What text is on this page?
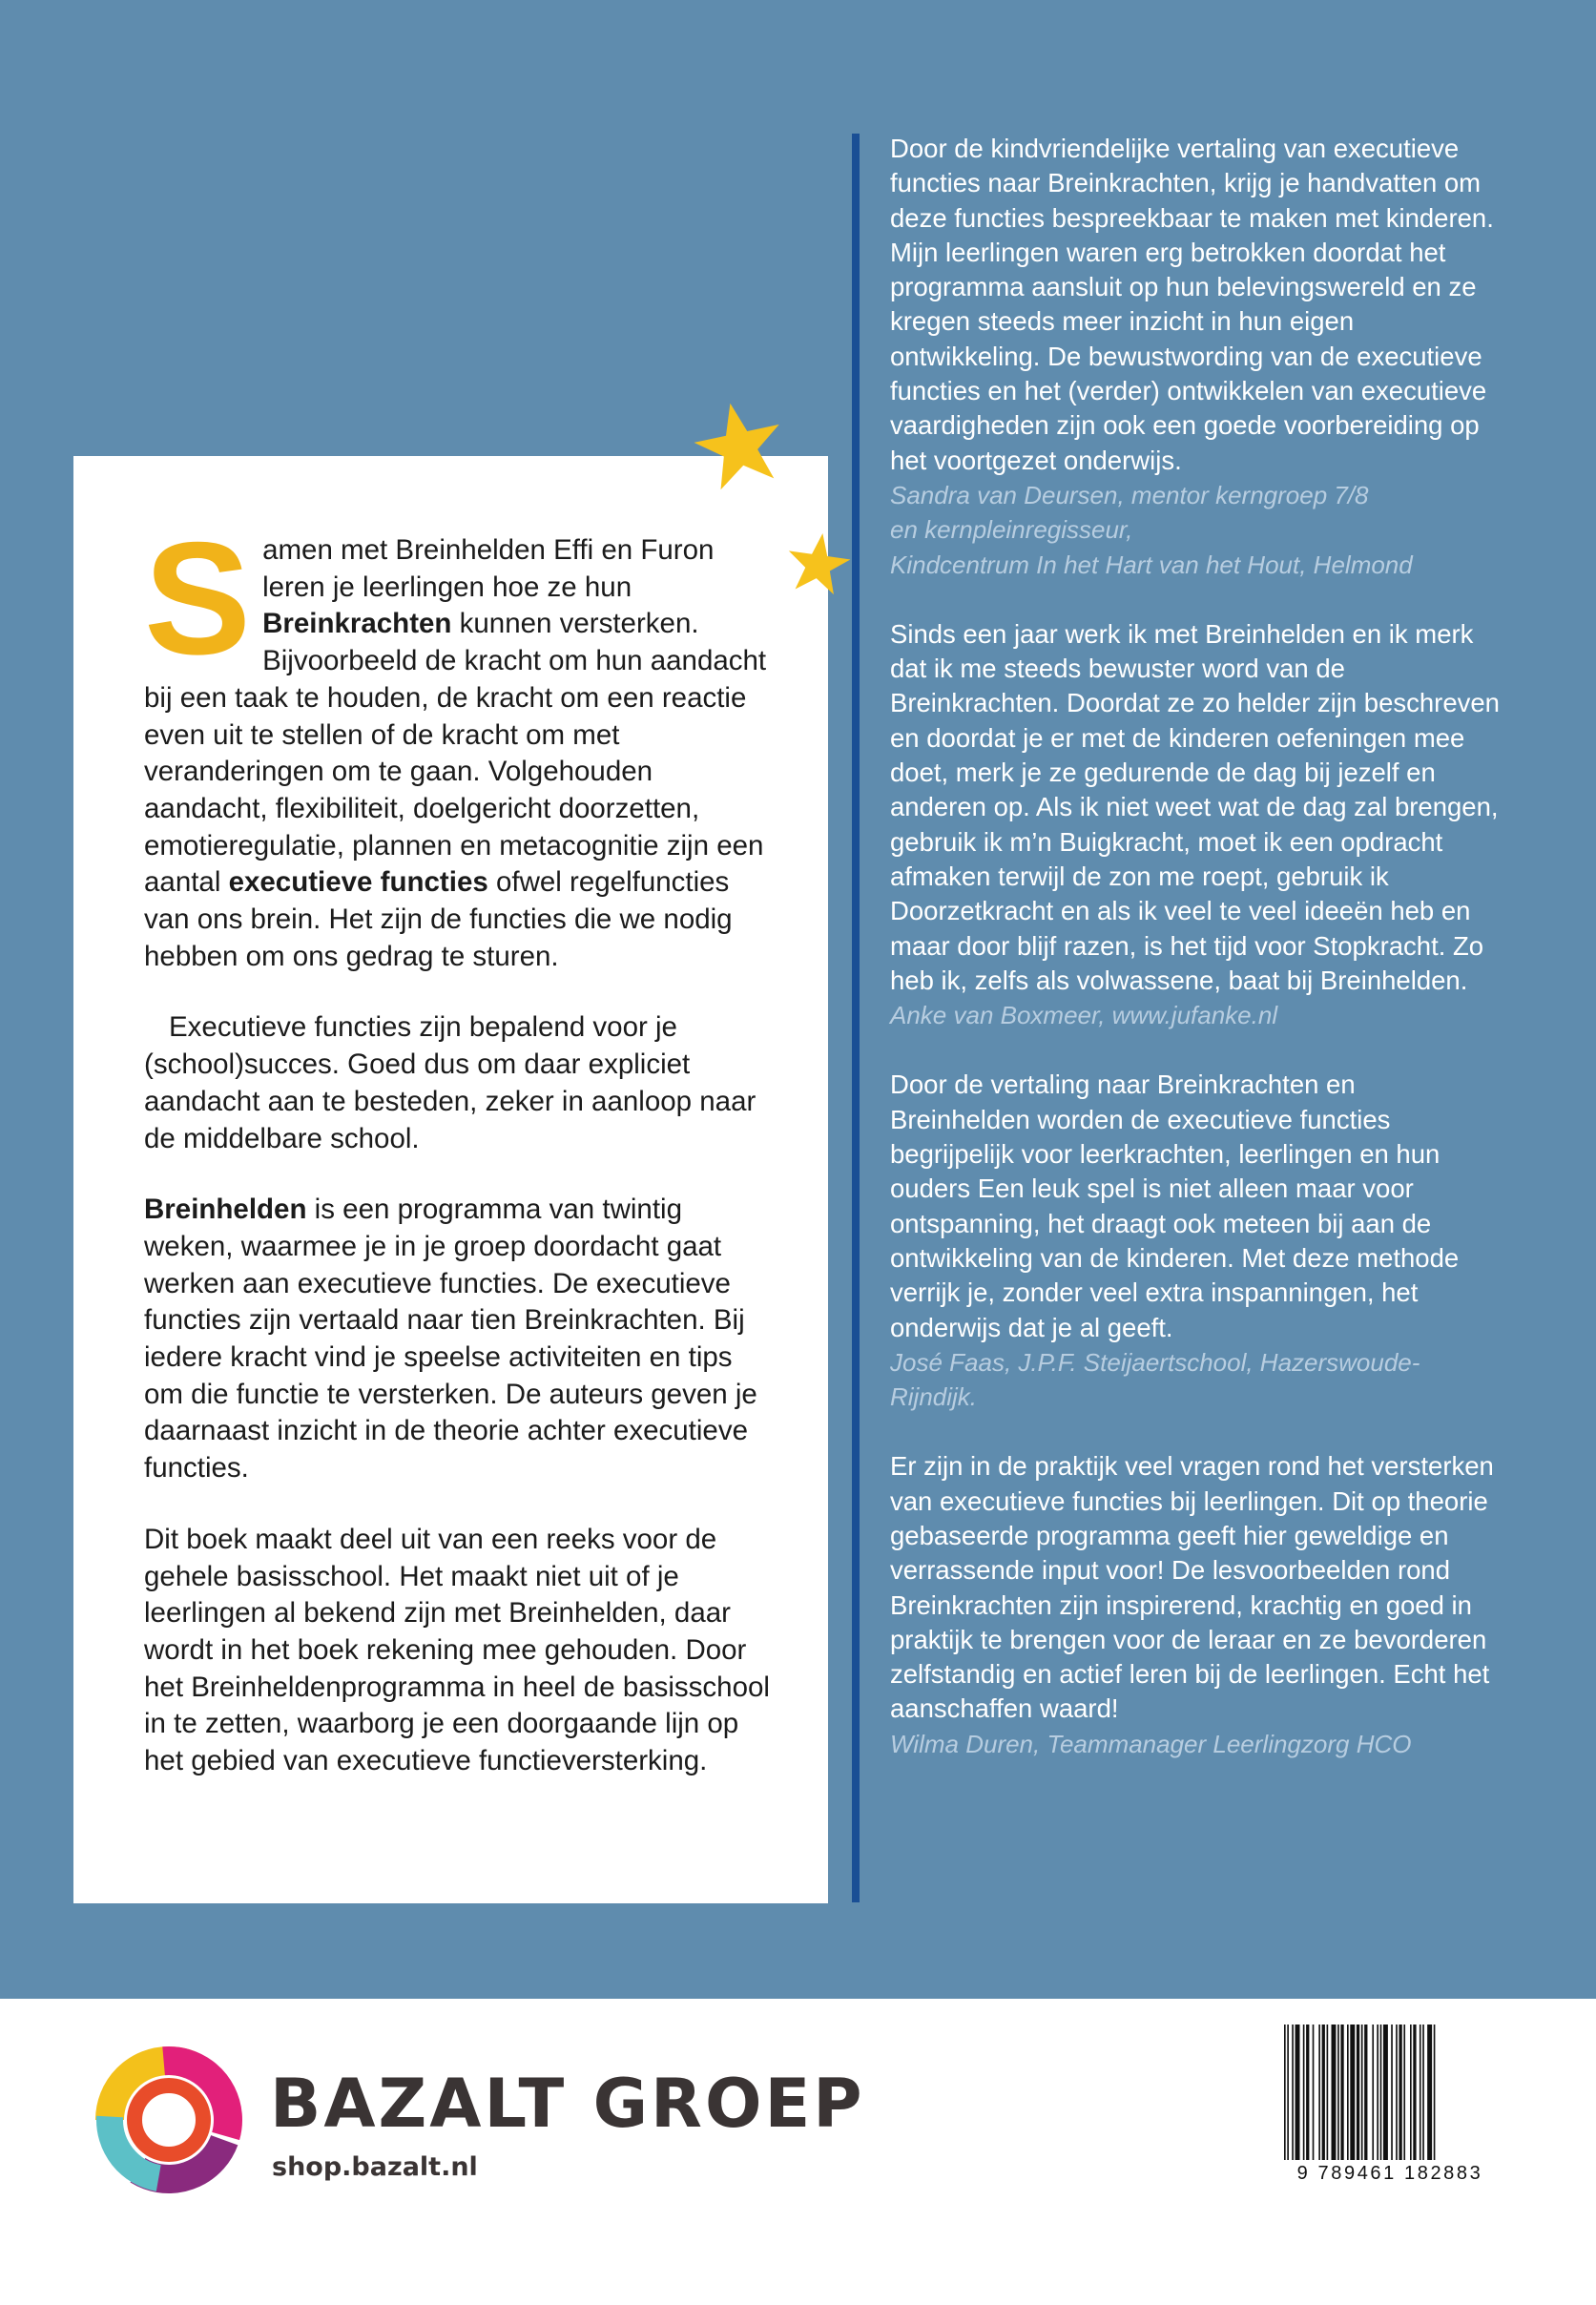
Samen met Breinhelden Effi en Furon leren je leerlingen hoe ze hun Breinkrachten kunnen versterken. Bijvoorbeeld de kracht om hun aandacht bij een taak te houden, de kracht om een reactie even uit te stellen of de kracht om met veranderingen om te gaan. Volgehouden aandacht, flexibiliteit, doelgericht doorzetten, emotieregulatie, plannen en metacognitie zijn een aantal executieve functies ofwel regelfuncties van ons brein. Het zijn de functies die we nodig hebben om ons gedrag te sturen.

Executieve functies zijn bepalend voor je (school)succes. Goed dus om daar expliciet aandacht aan te besteden, zeker in aanloop naar de middelbare school.

Breinhelden is een programma van twintig weken, waarmee je in je groep doordacht gaat werken aan executieve functies. De executieve functies zijn vertaald naar tien Breinkrachten. Bij iedere kracht vind je speelse activiteiten en tips om die functie te versterken. De auteurs geven je daarnaast inzicht in de theorie achter executieve functies.

Dit boek maakt deel uit van een reeks voor de gehele basisschool. Het maakt niet uit of je leerlingen al bekend zijn met Breinhelden, daar wordt in het boek rekening mee gehouden. Door het Breinheldenprogramma in heel de basisschool in te zetten, waarborg je een doorgaande lijn op het gebied van executieve functieversterking.

Door de kindvriendelijke vertaling van executieve functies naar Breinkrachten, krijg je handvatten om deze functies bespreekbaar te maken met kinderen. Mijn leerlingen waren erg betrokken doordat het programma aansluit op hun belevingswereld en ze kregen steeds meer inzicht in hun eigen ontwikkeling. De bewustwording van de executieve functies en het (verder) ontwikkelen van executieve vaardigheden zijn ook een goede voorbereiding op het voortgezet onderwijs.

Sandra van Deursen, mentor kerngroep 7/8

en kernpleinregisseur,

Kindcentrum In het Hart van het Hout, Helmond

Sinds een jaar werk ik met Breinhelden en ik merk dat ik me steeds bewuster word van de Breinkrachten. Doordat ze zo helder zijn beschreven en doordat je er met de kinderen oefeningen mee doet, merk je ze gedurende de dag bij jezelf en anderen op. Als ik niet weet wat de dag zal brengen, gebruik ik m’n Buigkracht, moet ik een opdracht afmaken terwijl de zon me roept, gebruik ik Doorzetkracht en als ik veel te veel ideeën heb en maar door blijf razen, is het tijd voor Stopkracht. Zo heb ik, zelfs als volwassene, baat bij Breinhelden.

Anke van Boxmeer, www.jufanke.nl

Door de vertaling naar Breinkrachten en Breinhelden worden de executieve functies begrijpelijk voor leerkrachten, leerlingen en hun ouders Een leuk spel is niet alleen maar voor ontspanning, het draagt ook meteen bij aan de ontwikkeling van de kinderen. Met deze methode verrijk je, zonder veel extra inspanningen, het onderwijs dat je al geeft.

José Faas, J.P.F. Steijaertschool, Hazerswoude-Rijndijk.

Er zijn in de praktijk veel vragen rond het versterken van executieve functies bij leerlingen. Dit op theorie gebaseerde programma geeft hier geweldige en verrassende input voor! De lesvoorbeelden rond Breinkrachten zijn inspirerend, krachtig en goed in praktijk te brengen voor de leraar en ze bevorderen zelfstandig en actief leren bij de leerlingen. Echt het aanschaffen waard!

Wilma Duren, Teammanager Leerlingzorg HCO

BAZALT GROEP
shop.bazalt.nl	9 789461 182883
